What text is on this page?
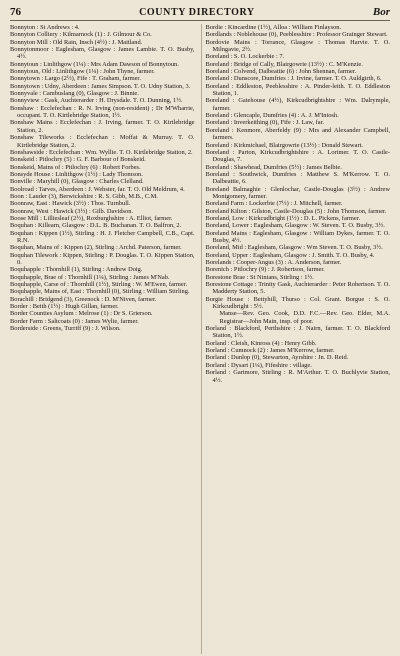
76	COUNTY DIRECTORY	Bor
Bonnyton : St Andrews : 4.
Bonnyton Colliery : Kilmarnock (1) : J. Gilmour & Co.
Bonnyton Mill : Old Rain, Insch (4½) : J. Maitland.
Bonnytonmoor : Eaglesham, Glasgow : James Lambie. T. O. Busby, 4½.
Bonnytoun : Linlithgow (1¼) : Mrs Adam Dawson of Bonnytoun.
Bonnytoun, Old : Linlithgow (1¼) : John Thyne, farmer.
Bonnytown : Largo (2½), Fife : T. Graham, farmer.
Bonnytown : Udny, Aberdeen : James Simpson. T. O. Udny Station, 3.
Bonnyvale : Cambuslang (0), Glasgow : J. Binnie.
Bonnyview : Gask, Auchterarder : H. Drysdale. T. O. Dunning, 1½.
Bonshaw : Ecclefechan : R. N. Irving (non-resident) ; Dr M'Wharrie, occupant. T. O. Kirtlebridge Station, 1½.
Bonshaw Mains : Ecclefechan : J. Irving, farmer. T. O. Kirtlebridge Station, 2.
Bonshaw Tileworks : Ecclefechan : Moffat & Murray. T. O. Kirtlebridge Station, 2.
Bonshawside : Ecclefechan : Wm. Wyllie. T. O. Kirtlebridge Station, 2.
Bonskeid : Pitlochry (5) : G. F. Barbour of Bonskeid.
Bonskeid, Mains of : Pitlochry (6) : Robert Forbes.
Bonsyde House : Linlithgow (1½) : Lady Thomson.
Bonville : Maryhill (0), Glasgow : Charles Clelland.
Boolroad : Tarves, Aberdeen : J. Webster, far. T. O. Old Meldrum, 4.
Boon : Lauder (3), Berwickshire : R. S. Gibb, M.B., C.M.
Boonraw, East : Hawick (3½) : Thos. Turnbull.
Boonraw, West : Hawick (3½) : Gilb. Davidson.
Boose Mill : Lilliesleaf (2½), Roxburghshire : A. Elliot, farmer.
Boquhan : Killearn, Glasgow : D.L. B. Buchanan. T. O. Balfron, 2.
Boquhan : Kippen (1½), Stirling : H. J. Fletcher Campbell, C.B., Capt. R.N.
Boquhan, Mains of : Kippen (2), Stirling : Archd. Paterson, farmer.
Boquhan Tilework : Kippen, Stirling : P. Douglas. T. O. Kippen Station, 0.
Boquhapple : Thornhill (1), Stirling : Andrew Doig.
Boquhapple, Brae of : Thornhill (1¼), Stirling : James M'Nab.
Boquhapple, Carse of : Thornhill (1½), Stirling : W. M'Ewen, farmer.
Boquhapple, Mains of, East : Thornhill (0), Stirling : William Stirling.
Borachill : Bridgend (3), Greenock : D. M'Niven, farmer.
Border : Beith (1½) : Hugh Gillan, farmer.
Border Counties Asylum : Melrose (1) : Dr S. Grierson.
Border Farm : Saltcoats (0) : James Wylie, farmer.
Borderside : Greens, Turriff (9) : J. Wilson.
Bordie : Kincardine (1½), Alloa : William Finlayson.
Bordlands : Noblehouse (0), Peeblesshire : Professor Grainger Stewart.
Bordovie Mains : Torrance, Glasgow : Thomas Harvie. T. O. Milngavie, 2½.
Boreland : S. O. Lockerbie : 7.
Boreland : Bridge of Cally, Blairgowrie (13½) : C. M'Kenzie.
Boreland : Colvend, Dalbeattie (6) : John Shennan, farmer.
Boreland : Dunscore, Dumfries : J. Irvine, farmer. T. O. Auldgirth, 6.
Boreland : Eddleston, Peeblesshire : A. Pinder-leith. T. O. Eddleston Station, 1.
Boreland : Gatehouse (4½), Kirkcudbrightshire : Wm. Dalrymple, farmer.
Boreland : Glencaple, Dumfries (4) : A. J. M'Intosh.
Boreland : Inverkeithing (0), Fife : J. Law, far.
Boreland : Kenmore, Aberfeldy (9) : Mrs and Alexander Campbell, farmers.
Boreland : Kirkmichael, Blairgowrie (13½) : Donald Stewart.
Boreland : Parton, Kirkcudbrightshire : A. Lorimer. T. O. Castle-Douglas, 7.
Boreland : Shawhead, Dumfries (5½) : James Belbie.
Boreland : Southwick, Dumfries : Matthew S. M'Kerrow. T. O. Dalbeattie, 6.
Boreland Balmaghie : Glenlochar, Castle-Douglas (3½) : Andrew Montgomery, farmer.
Boreland Farm : Lockerbie (7½) : J. Mitchell, farmer.
Boreland Kilton : Gilston, Castle-Douglas (5) : John Thomson, farmer.
Boreland, Low : Kirkcudbright (1½) : D. L. Pickens, farmer.
Boreland, Lower : Eaglesham, Glasgow : W. Steven. T. O. Busby, 3½.
Boreland Mains : Eaglesham, Glasgow : William Dykes, farmer. T. O. Busby, 4½.
Boreland, Mid : Eaglesham, Glasgow : Wm Steven. T. O. Busby, 3½.
Boreland, Upper : Eaglesham, Glasgow : J. Smith. T. O. Busby, 4.
Borelands : Cooper-Angus (3) : A. Anderson, farmer.
Borenich : Pitlochry (9) : J. Robertson, farmer.
Borestone Brae : St Ninians, Stirling : 1½.
Borestone Cottage : Trinity Gask, Auchterarder : Peter Robertson. T. O. Madderty Station, 5.
Borgie House : Bettyhill, Thurso : Col. Grant. Borgue : S. O. Kirkcudbright : 5½.
Manse—Rev. Geo. Cook, D.D. F.C.—Rev. Geo. Elder, M.A. Registrar—John Main, insp. of poor.
Borland : Blackford, Perthshire : J. Nairn, farmer. T. O. Blackford Station, 1½.
Borland : Cleish, Kinross (4) : Henry Gibb.
Borland : Cumnock (2) : James M'Kerrow, farmer.
Borland : Dunlop (0), Stewarton, Ayrshire : Jn. D. Reid.
Borland : Dysart (1¼), Fifeshire : village.
Borland : Gartmore, Stirling : R. M'Arthur. T. O. Buchlyvie Station, 4½.
